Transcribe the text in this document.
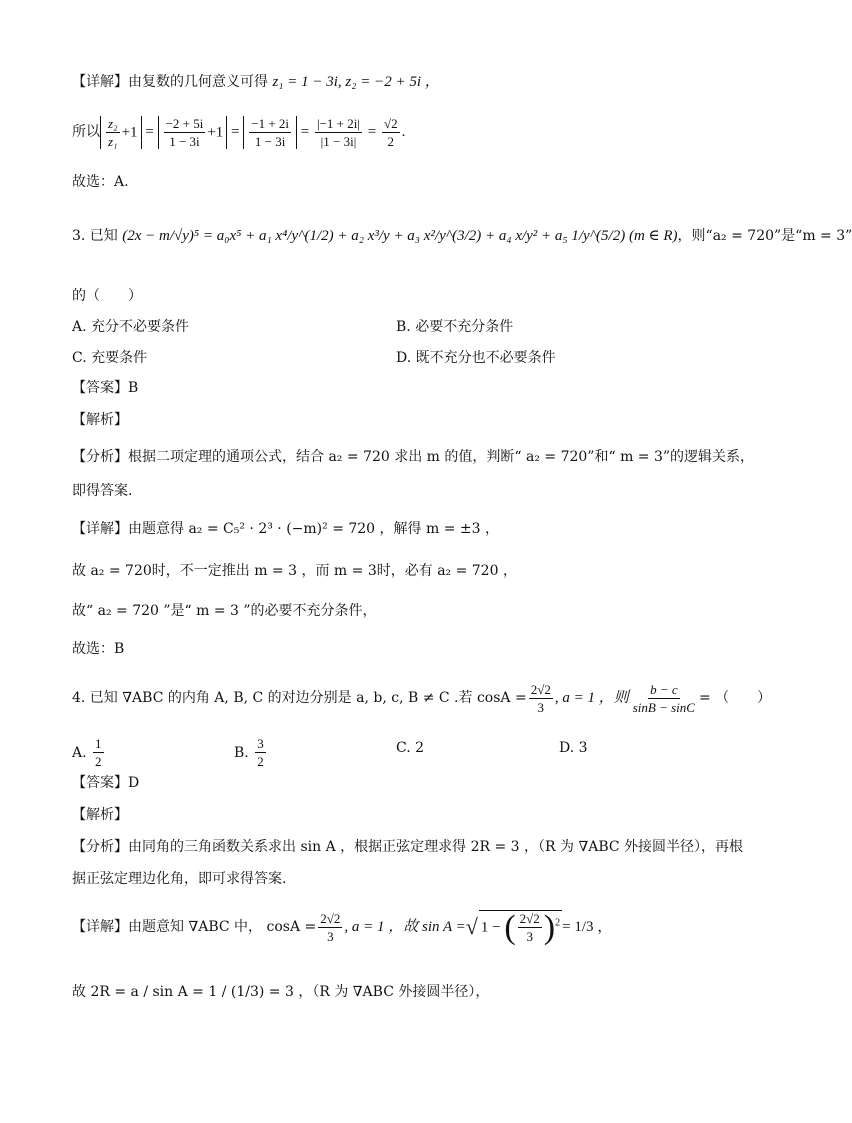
【详解】由复数的几何意义可得 z₁ = 1 − 3i, z₂ = −2 + 5i ，
所以 $\frac{\text{z₂}}{\text{z₁}} +1 = \frac{-2 + 5i}{1 - 3i} +1 = \frac{-1 + 2i}{1 - 3i} = \frac{|-1 + 2i|}{|1 - 3i|} = \frac{√2}{2}$ .
故选：A.
3. 已知 (2x − m/√y)⁵ = a₀x⁵ + a₁ x⁴/y^(1/2) + a₂ x³/y + a₃ x²/y^(3/2) + a₄ x/y² + a₅ 1/y^(5/2) (m ∈ R)，则“a₂ = 720”是“m = 3”
的（　　）
A. 充分不必要条件	B. 必要不充分条件
C. 充要条件	D. 既不充分也不必要条件
【答案】B
【解析】
【分析】根据二项定理的通项公式，结合 a₂ = 720 求出 m 的值，判断“ a₂ = 720”和“ m = 3”的逻辑关系，
即得答案.
【详解】由题意得 a₂ = C₅² · 2³ · (−m)² = 720 ，解得 m = ±3 ，
故 a₂ = 720时，不一定推出 m = 3 ，而 m = 3时，必有 a₂ = 720 ，
故“ a₂ = 720 ”是“ m = 3 ”的必要不充分条件，
故选：B
4. 已知 ∇ABC 的内角 A, B, C 的对边分别是 a, b, c, B ≠ C .若 $\cos A = \frac{2√2}{3}$ , a = 1 ，则 $\frac{b - c}{\sin B - \sin C}$ = （　　）
A.
$\frac{1}{2}$	B.
$\frac{3}{2}$	C. 2	D. 3
【答案】D
【解析】
【分析】由同角的三角函数关系求出 sin A ，根据正弦定理求得 2R = 3 ，（R 为 ∇ABC 外接圆半径），再根
据正弦定理边化角，即可求得答案.
【详解】由题意知 ∇ABC 中， $\cos A = \frac{2√2}{3}$ , a = 1 ，故 sin A = √ 1 − ( $\frac{2√2}{3} )^2 = 1/3$ ，
故 2R = a / sin A = 1 / (1/3) = 3 ，（R 为 ∇ABC 外接圆半径），
